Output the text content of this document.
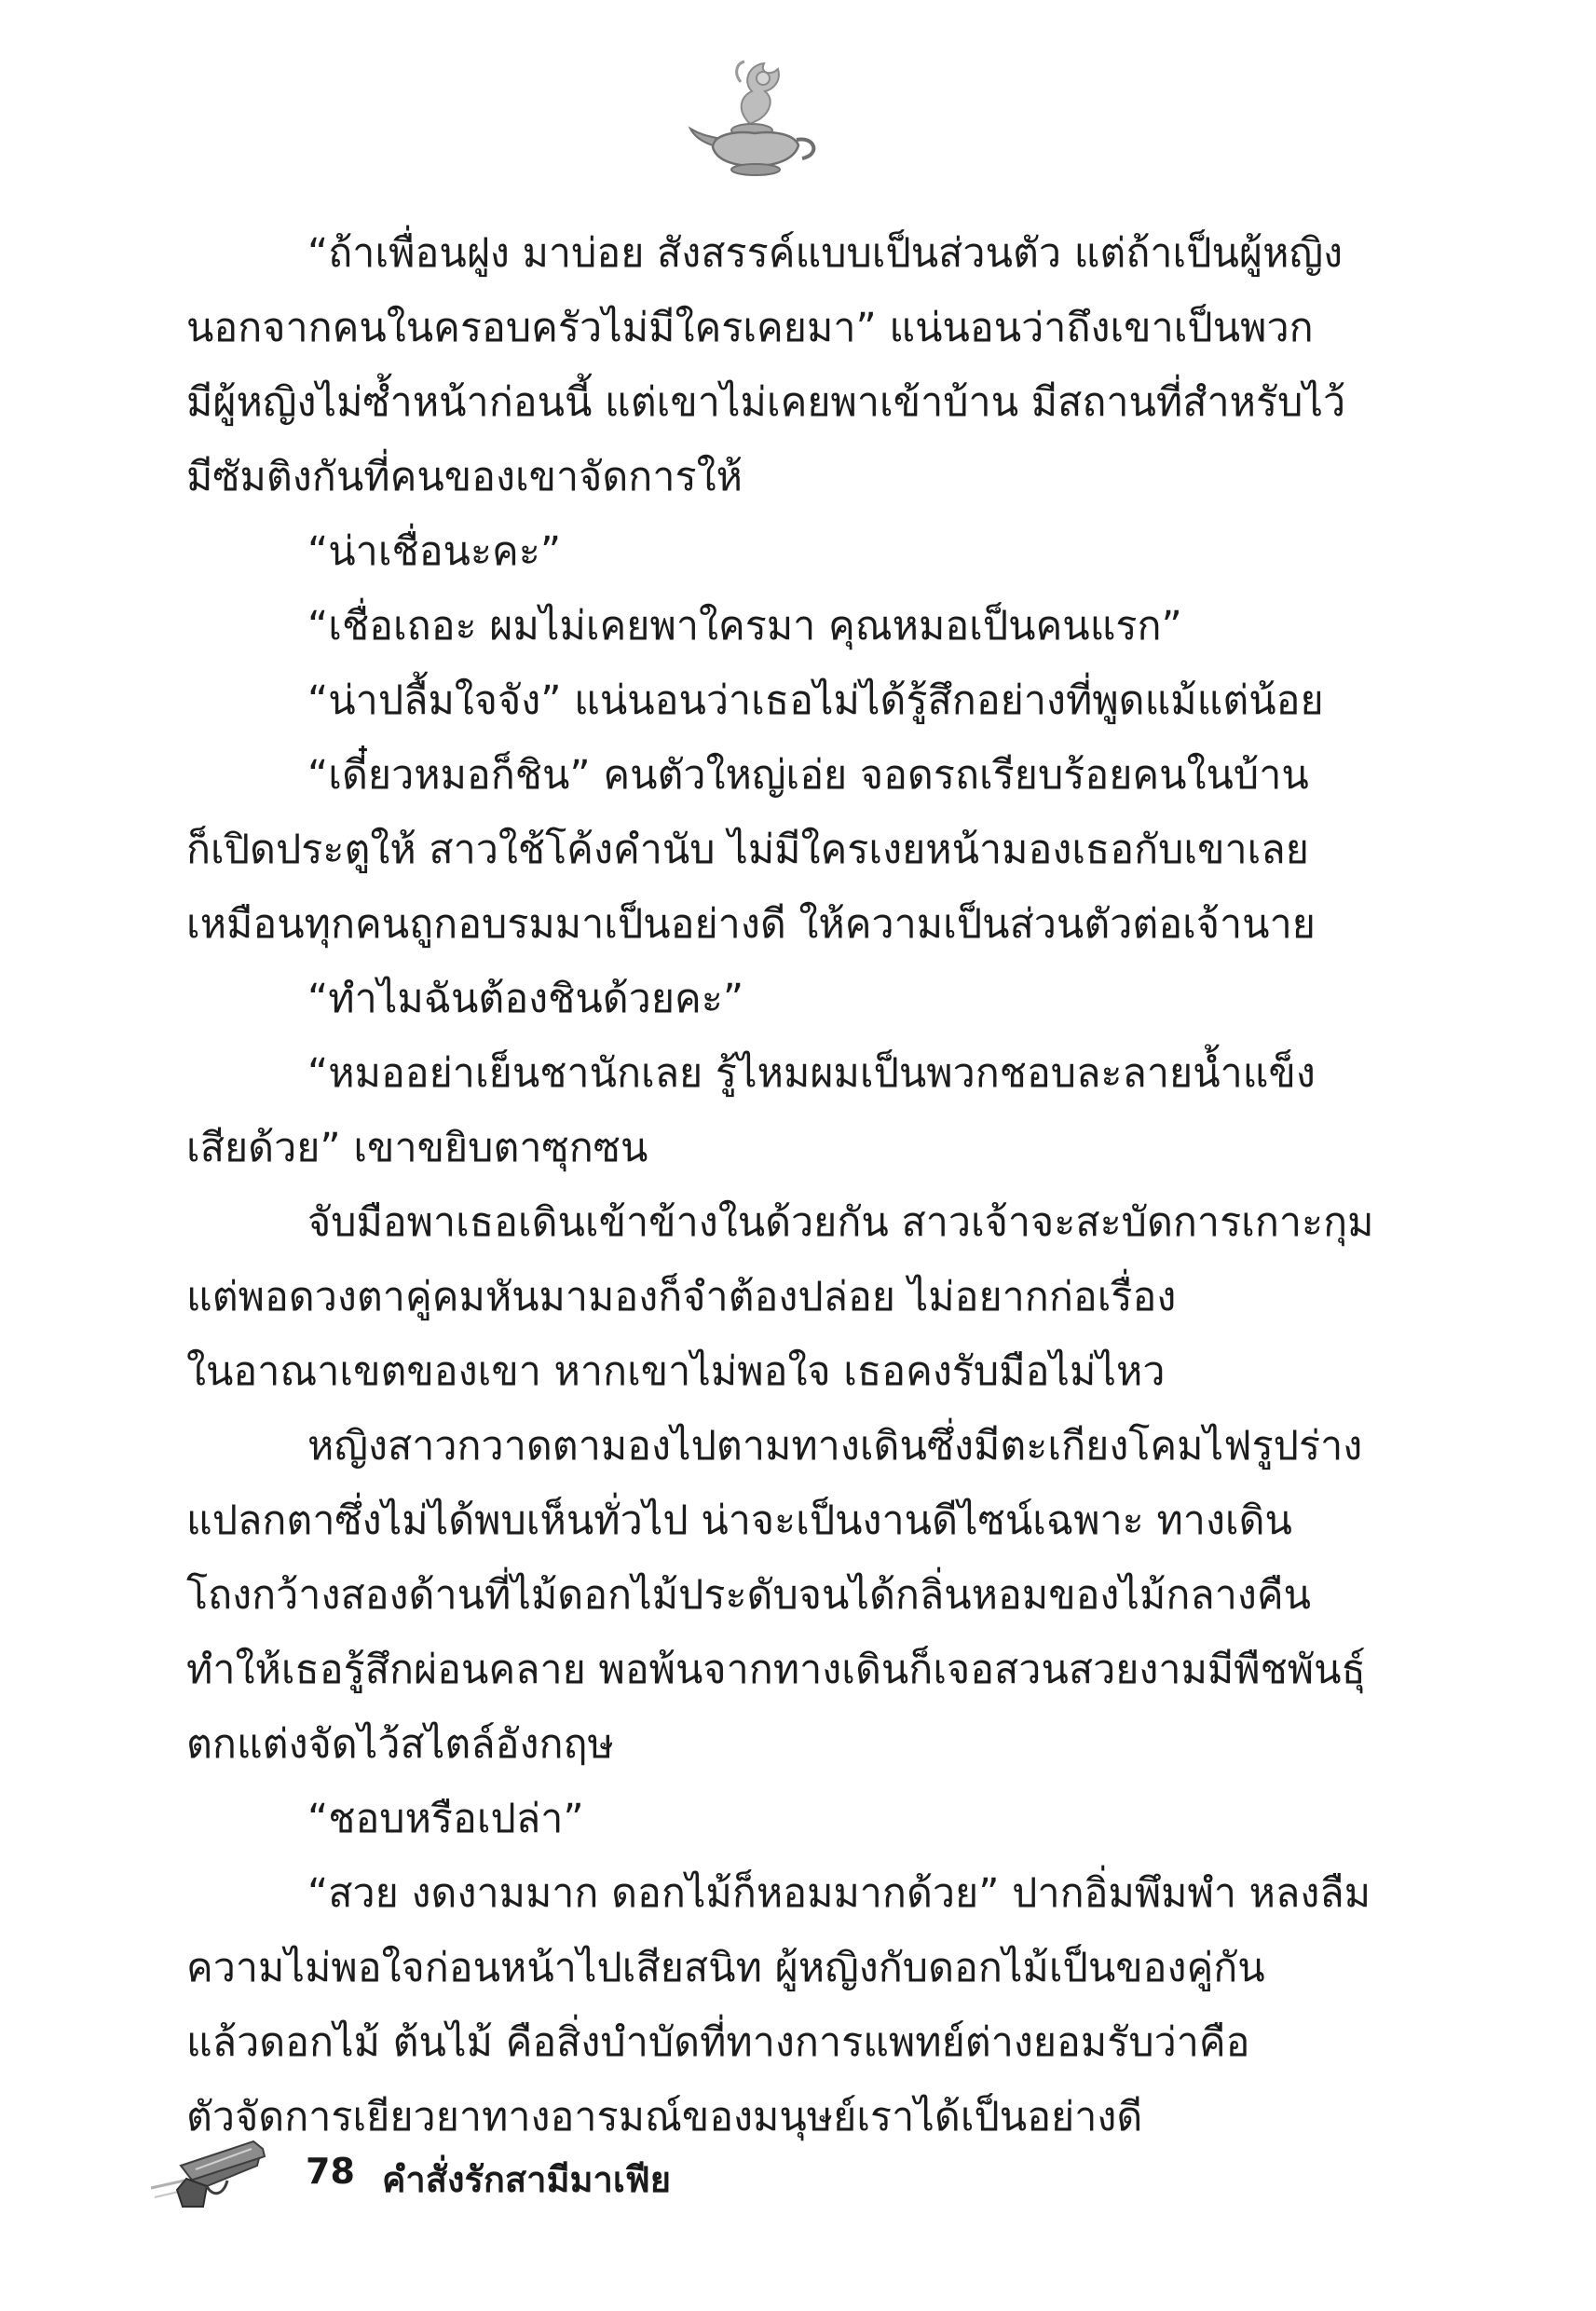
“ถ้าเพื่อนฝูง มาบ่อย สังสรรค์แบบเป็นส่วนตัว แต่ถ้าเป็นผู้หญิง
นอกจากคนในครอบครัวไม่มีใครเคยมา” แน่นอนว่าถึงเขาเป็นพวก
มีผู้หญิงไม่ซ้ำหน้าก่อนนี้ แต่เขาไม่เคยพาเข้าบ้าน มีสถานที่สำหรับไว้
มีซัมติงกันที่คนของเขาจัดการให้
“น่าเชื่อนะคะ”
“เชื่อเถอะ ผมไม่เคยพาใครมา คุณหมอเป็นคนแรก”
“น่าปลื้มใจจัง” แน่นอนว่าเธอไม่ได้รู้สึกอย่างที่พูดแม้แต่น้อย
“เดี๋ยวหมอก็ชิน” คนตัวใหญ่เอ่ย จอดรถเรียบร้อยคนในบ้าน
ก็เปิดประตูให้ สาวใช้โค้งคำนับ ไม่มีใครเงยหน้ามองเธอกับเขาเลย
เหมือนทุกคนถูกอบรมมาเป็นอย่างดี ให้ความเป็นส่วนตัวต่อเจ้านาย
“ทำไมฉันต้องชินด้วยคะ”
“หมออย่าเย็นชานักเลย รู้ไหมผมเป็นพวกชอบละลายน้ำแข็ง
เสียด้วย” เขาขยิบตาซุกซน
จับมือพาเธอเดินเข้าข้างในด้วยกัน สาวเจ้าจะสะบัดการเกาะกุม
แต่พอดวงตาคู่คมหันมามองก็จำต้องปล่อย ไม่อยากก่อเรื่อง
ในอาณาเขตของเขา หากเขาไม่พอใจ เธอคงรับมือไม่ไหว
หญิงสาวกวาดตามองไปตามทางเดินซึ่งมีตะเกียงโคมไฟรูปร่าง
แปลกตาซึ่งไม่ได้พบเห็นทั่วไป น่าจะเป็นงานดีไซน์เฉพาะ ทางเดิน
โถงกว้างสองด้านที่ไม้ดอกไม้ประดับจนได้กลิ่นหอมของไม้กลางคืน
ทำให้เธอรู้สึกผ่อนคลาย พอพ้นจากทางเดินก็เจอสวนสวยงามมีพืชพันธุ์
ตกแต่งจัดไว้สไตล์อังกฤษ
“ชอบหรือเปล่า”
“สวย งดงามมาก ดอกไม้ก็หอมมากด้วย” ปากอิ่มพึมพำ หลงลืม
ความไม่พอใจก่อนหน้าไปเสียสนิท ผู้หญิงกับดอกไม้เป็นของคู่กัน
แล้วดอกไม้ ต้นไม้ คือสิ่งบำบัดที่ทางการแพทย์ต่างยอมรับว่าคือ
ตัวจัดการเยียวยาทางอารมณ์ของมนุษย์เราได้เป็นอย่างดี
78 คำสั่งรักสามีมาเฟีย
